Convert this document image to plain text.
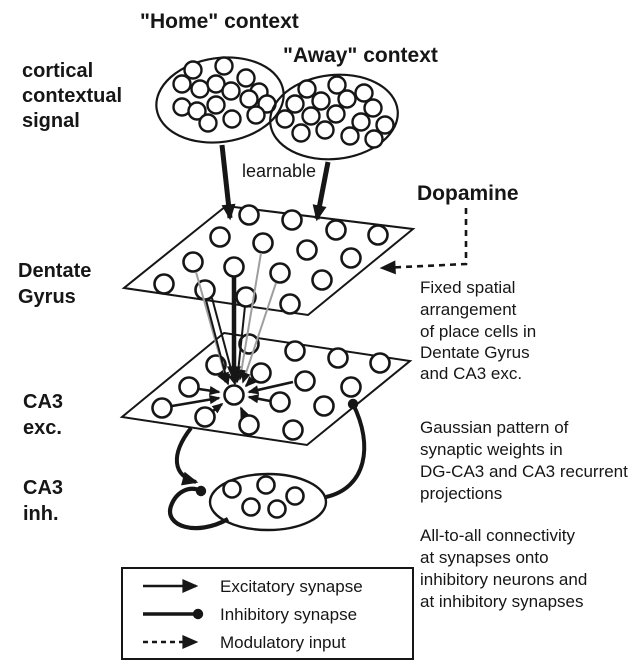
"Home" context
"Away" context
cortical
contextual
signal
learnable
Dopamine
Dentate
Gyrus
CA3
exc.
CA3
inh.
Fixed spatial
arrangement
of place cells in
Dentate Gyrus
and CA3 exc.
Gaussian pattern of
synaptic weights in
DG-CA3 and CA3 recurrent
projections
All-to-all connectivity
at synapses onto
inhibitory neurons and
at inhibitory synapses
Excitatory synapse
Inhibitory synapse
Modulatory input
